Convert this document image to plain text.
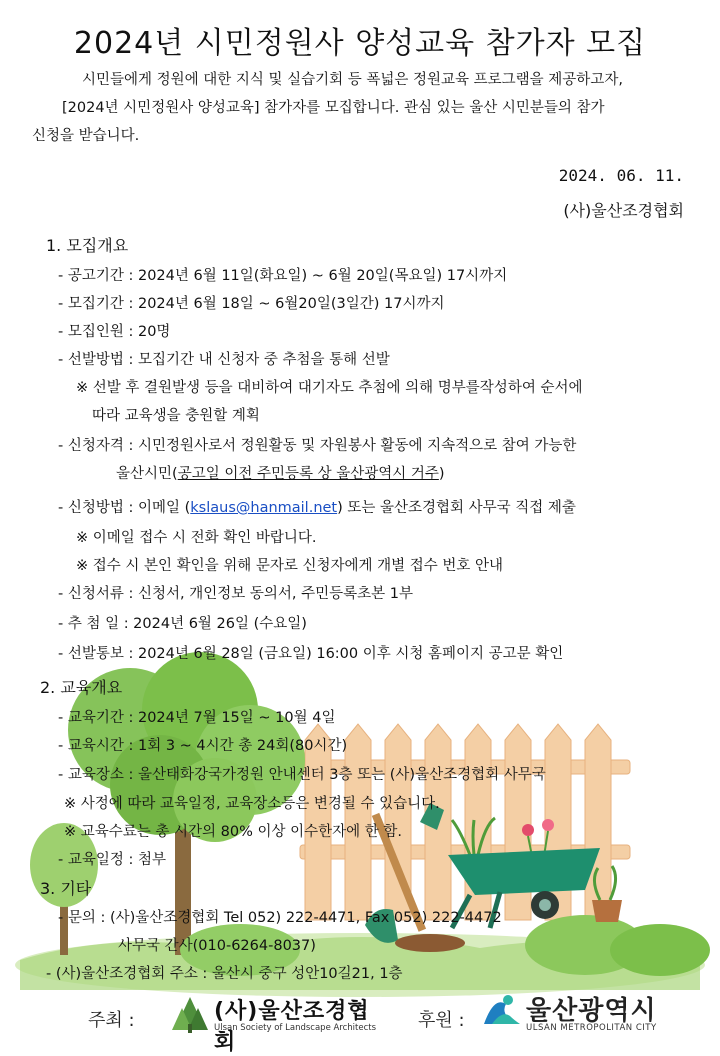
2024년 시민정원사 양성교육 참가자 모집
시민들에게 정원에 대한 지식 및 실습기회 등 폭넓은 정원교육 프로그램을 제공하고자,
[2024년 시민정원사 양성교육] 참가자를 모집합니다. 관심 있는 울산 시민분들의 참가
신청을 받습니다.
2024. 06. 11.
(사)울산조경협회
1. 모집개요
- 공고기간 : 2024년 6월 11일(화요일) ~ 6월 20일(목요일) 17시까지
- 모집기간 : 2024년 6월 18일 ~ 6월20일(3일간) 17시까지
- 모집인원 : 20명
- 선발방법 : 모집기간 내 신청자 중 추첨을 통해 선발
※ 선발 후 결원발생 등을 대비하여 대기자도 추첨에 의해 명부를작성하여 순서에
따라 교육생을 충원할 계획
- 신청자격 : 시민정원사로서 정원활동 및 자원봉사 활동에 지속적으로 참여 가능한
울산시민(공고일 이전 주민등록 상 울산광역시 거주)
- 신청방법 : 이메일 (kslaus@hanmail.net) 또는 울산조경협회 사무국 직접 제출
※ 이메일 접수 시 전화 확인 바랍니다.
※ 접수 시 본인 확인을 위해 문자로 신청자에게 개별 접수 번호 안내
- 신청서류 : 신청서, 개인정보 동의서, 주민등록초본 1부
- 추 첨 일 : 2024년 6월 26일 (수요일)
- 선발통보 : 2024년 6월 28일 (금요일) 16:00 이후 시청 홈페이지 공고문 확인
2. 교육개요
- 교육기간 : 2024년 7월 15일 ~ 10월 4일
- 교육시간 : 1회 3 ~ 4시간 총 24회(80시간)
- 교육장소 : 울산태화강국가정원 안내센터 3층 또는 (사)울산조경협회 사무국
※ 사정에 따라 교육일정, 교육장소등은 변경될 수 있습니다.
※ 교육수료는 총 시간의 80% 이상 이수한자에 한 함.
- 교육일정 : 첨부
3. 기타
- 문의 : (사)울산조경협회 Tel 052) 222-4471, Fax 052) 222-4472
사무국 간사(010-6264-8037)
- (사)울산조경협회 주소 : 울산시 중구 성안10길21, 1층
주최 :	(사)울산조경협회
Ulsan Society of Landscape Architects 후원 : 울산광역시
ULSAN METROPOLITAN CITY
